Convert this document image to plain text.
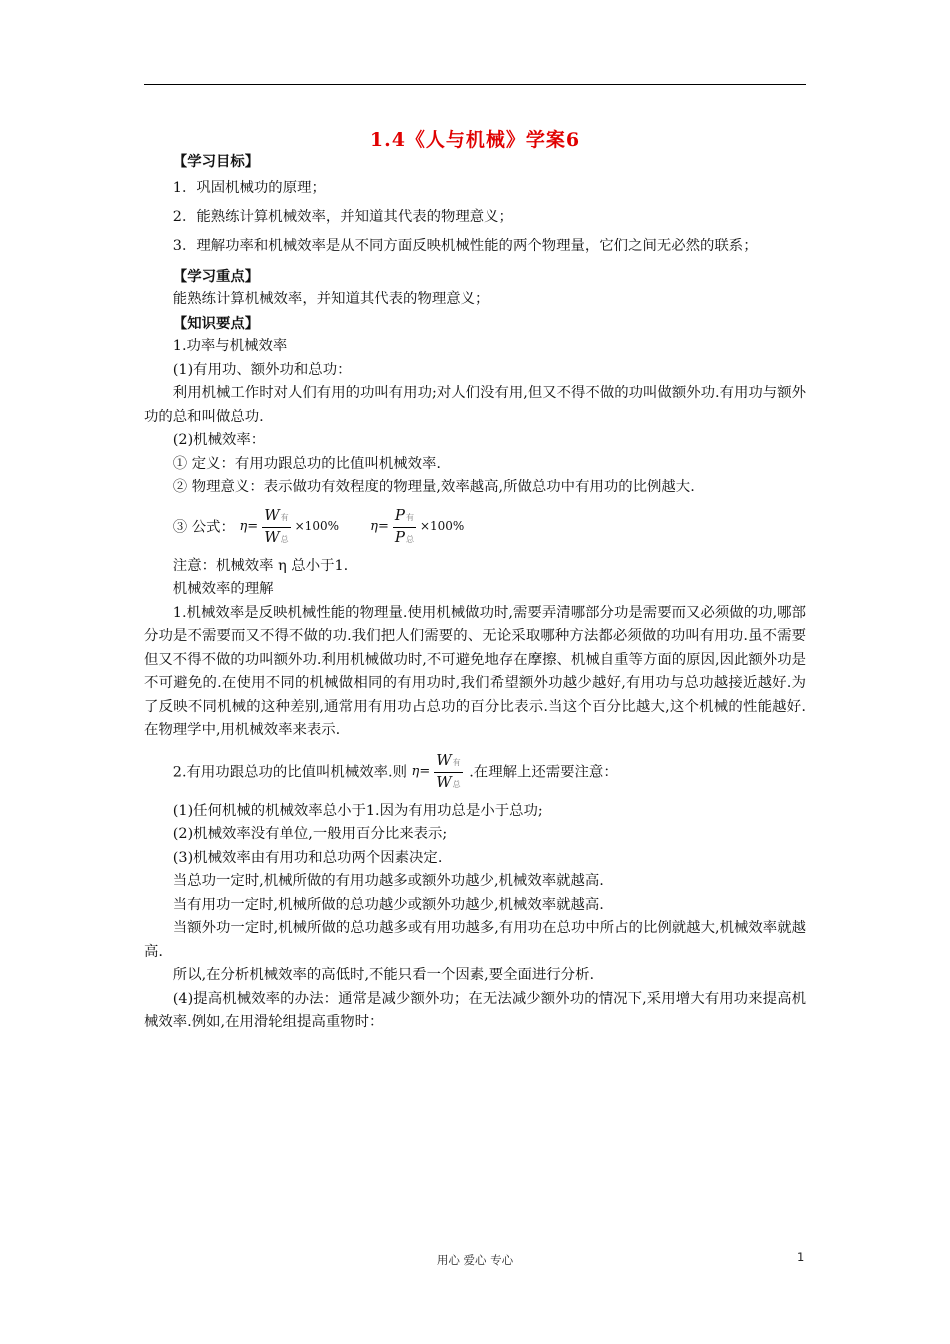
1.4《人与机械》学案6

【学习目标】

1．巩固机械功的原理；

2．能熟练计算机械效率，并知道其代表的物理意义；

3．理解功率和机械效率是从不同方面反映机械性能的两个物理量，它们之间无必然的联系；

【学习重点】

能熟练计算机械效率，并知道其代表的物理意义；

【知识要点】

1.功率与机械效率

(1)有用功、额外功和总功：

利用机械工作时对人们有用的功叫有用功;对人们没有用,但又不得不做的功叫做额外功.有用功与额外功的总和叫做总功.

(2)机械效率：

① 定义：有用功跟总功的比值叫机械效率.

② 物理意义：表示做功有效程度的物理量,效率越高,所做总功中有用功的比例越大.

③ 公式： $\eta= \frac{\text{W有}}{\text{W总}} \times 100\%$
$\eta= \frac{\text{P有}}{\text{P总}} \times 100\%$

注意：机械效率 η 总小于1.

机械效率的理解

1.机械效率是反映机械性能的物理量.使用机械做功时,需要弄清哪部分功是需要而又必须做的功,哪部分功是不需要而又不得不做的功.我们把人们需要的、无论采取哪种方法都必须做的功叫有用功.虽不需要但又不得不做的功叫额外功.利用机械做功时,不可避免地存在摩擦、机械自重等方面的原因,因此额外功是不可避免的.在使用不同的机械做相同的有用功时,我们希望额外功越少越好,有用功与总功越接近越好.为了反映不同机械的这种差别,通常用有用功占总功的百分比表示.当这个百分比越大,这个机械的性能越好.在物理学中,用机械效率来表示.

2.有用功跟总功的比值叫机械效率.则 $\eta= \frac{\text{W有}}{\text{W总}}$ .在理解上还需要注意：

(1)任何机械的机械效率总小于1.因为有用功总是小于总功;

(2)机械效率没有单位,一般用百分比来表示;

(3)机械效率由有用功和总功两个因素决定.

当总功一定时,机械所做的有用功越多或额外功越少,机械效率就越高.

当有用功一定时,机械所做的总功越少或额外功越少,机械效率就越高.

当额外功一定时,机械所做的总功越多或有用功越多,有用功在总功中所占的比例就越大,机械效率就越高.

所以,在分析机械效率的高低时,不能只看一个因素,要全面进行分析.

(4)提高机械效率的办法：通常是减少额外功；在无法减少额外功的情况下,采用增大有用功来提高机械效率.例如,在用滑轮组提高重物时：

用心 爱心 专心	1
